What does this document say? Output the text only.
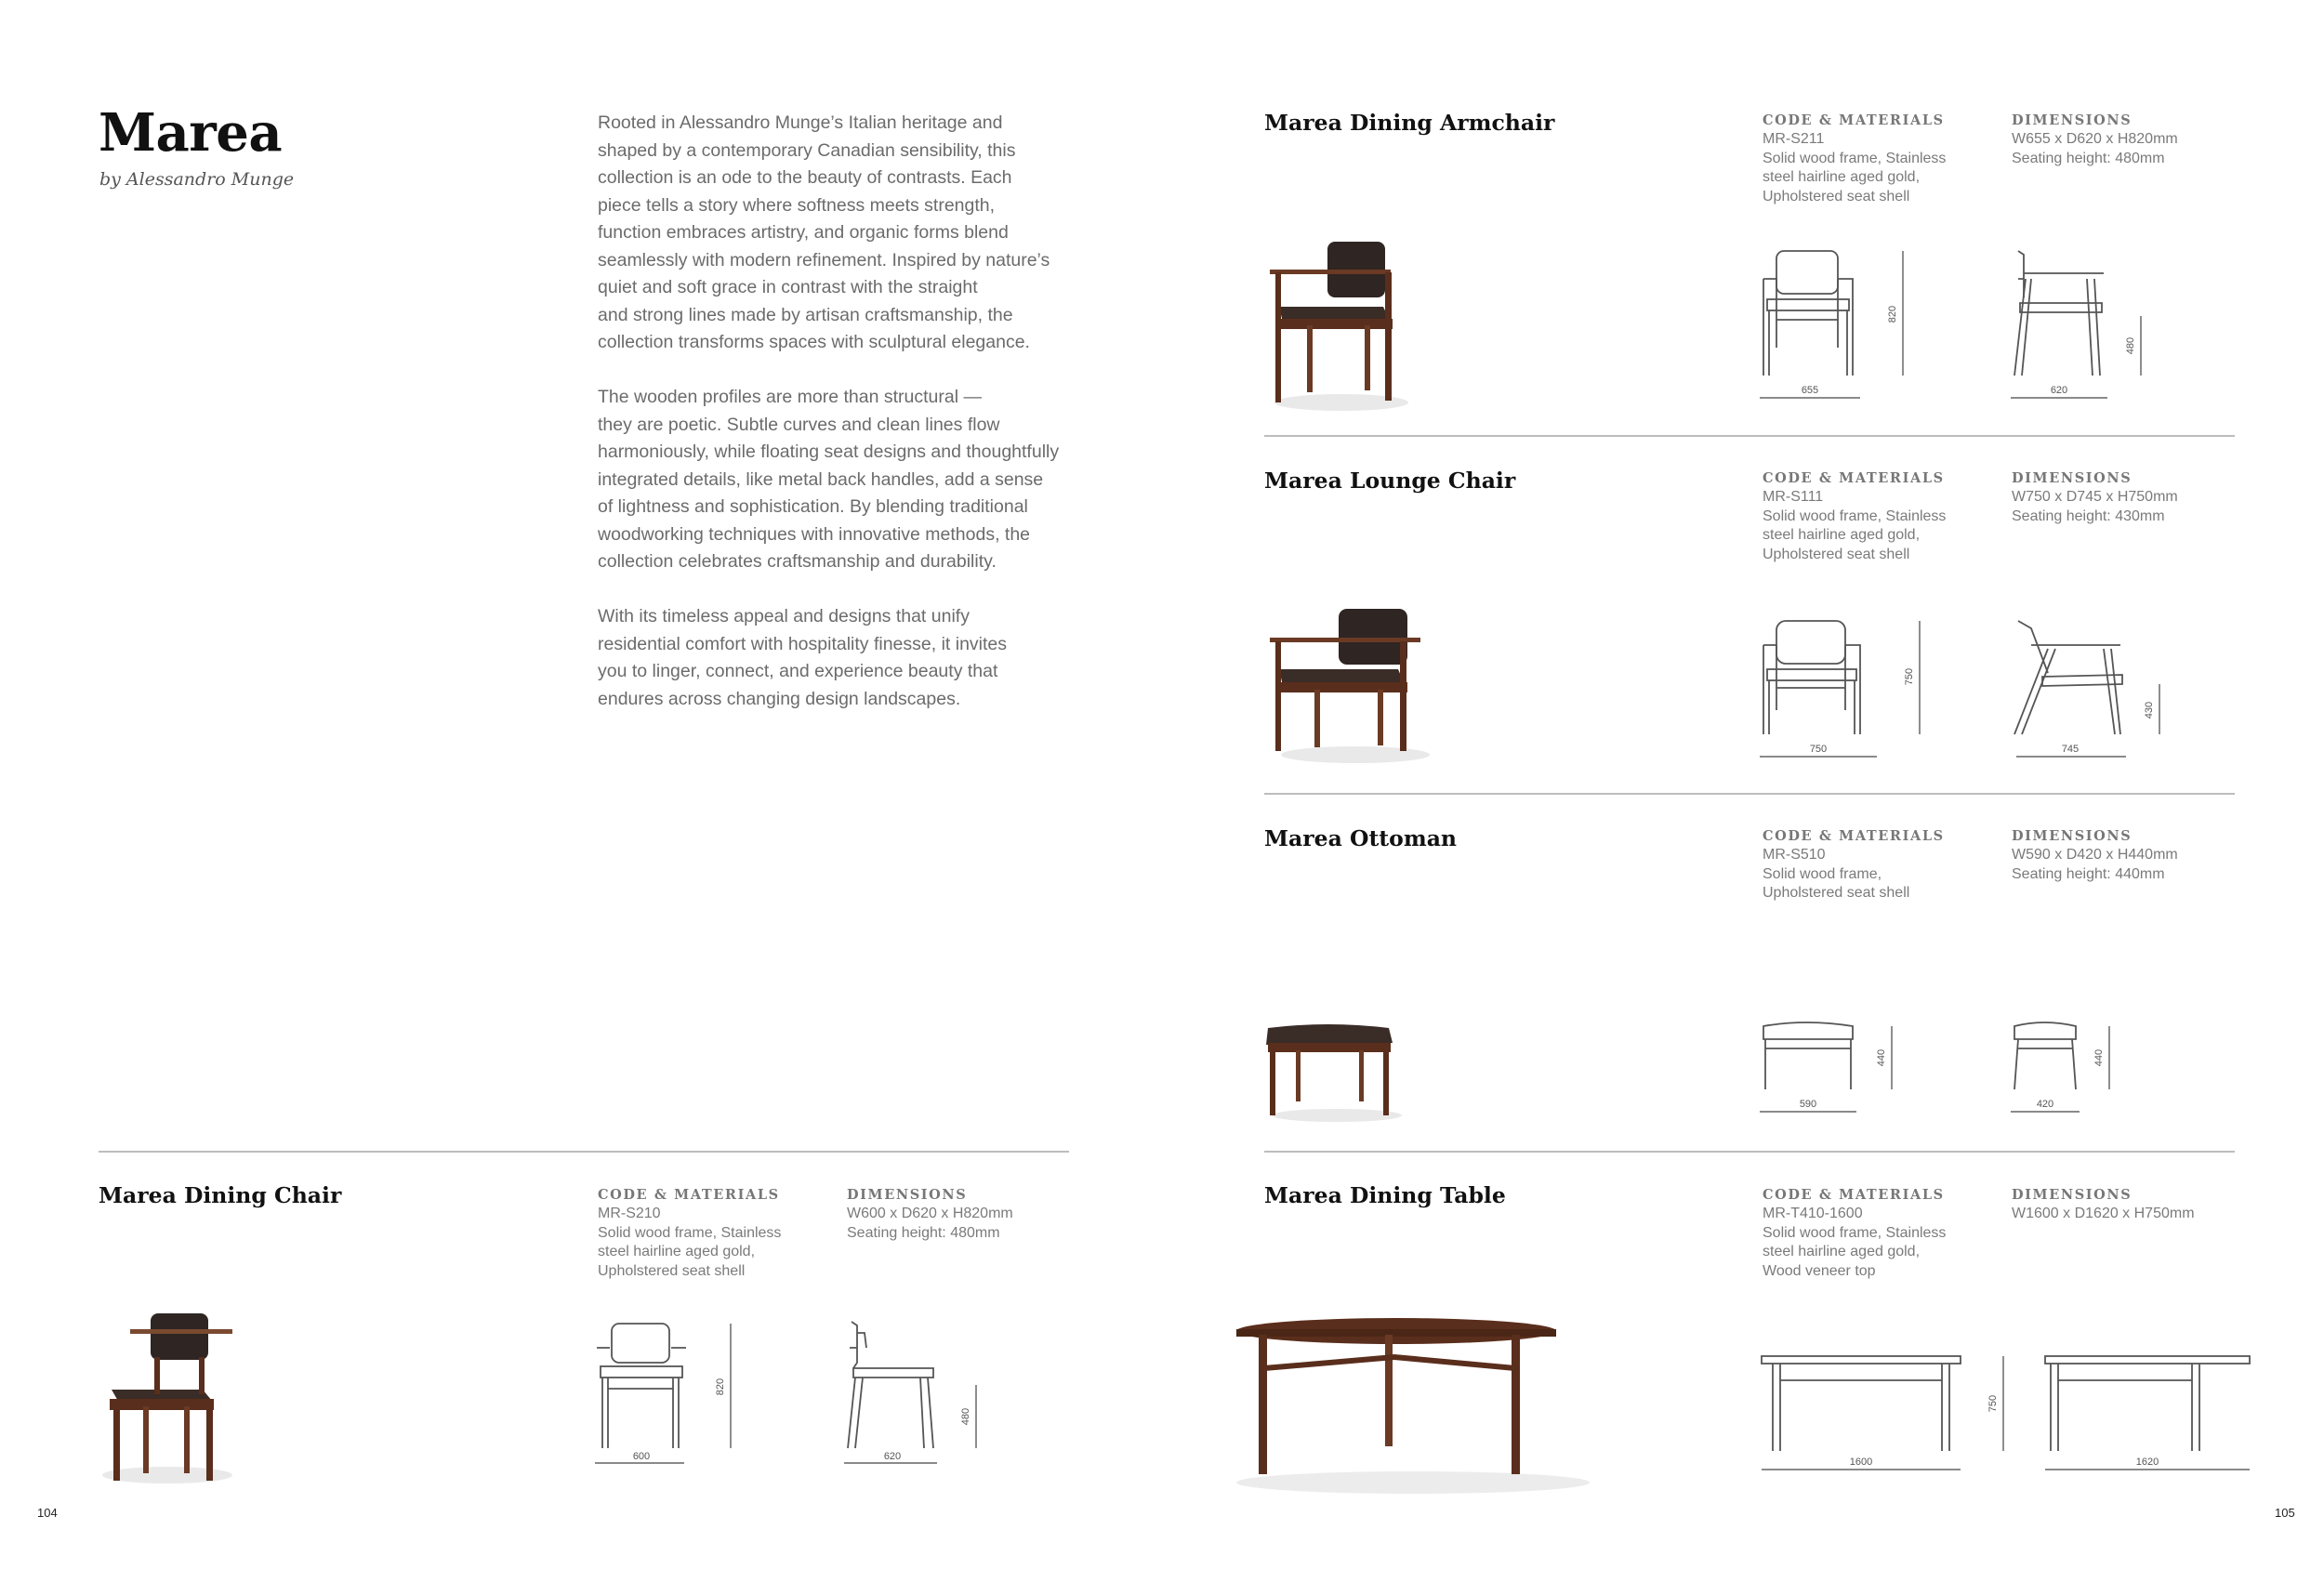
Marea
by Alessandro Munge

Rooted in Alessandro Munge’s Italian heritage and
shaped by a contemporary Canadian sensibility, this
collection is an ode to the beauty of contrasts. Each
piece tells a story where softness meets strength,
function embraces artistry, and organic forms blend
seamlessly with modern refinement. Inspired by nature’s
quiet and soft grace in contrast with the straight
and strong lines made by artisan craftsmanship, the
collection transforms spaces with sculptural elegance.

The wooden profiles are more than structural —
they are poetic. Subtle curves and clean lines flow
harmoniously, while floating seat designs and thoughtfully
integrated details, like metal back handles, add a sense
of lightness and sophistication. By blending traditional
woodworking techniques with innovative methods, the
collection celebrates craftsmanship and durability.

With its timeless appeal and designs that unify
residential comfort with hospitality finesse, it invites
you to linger, connect, and experience beauty that
endures across changing design landscapes.

Marea Dining Chair	CODE & MATERIALS
MR-S210
Solid wood frame, Stainless
steel hairline aged gold,
Upholstered seat shell
DIMENSIONS
W600 x D620 x H820mm
Seating height: 480mm
600
820
620
480
104
Marea Dining Armchair	CODE & MATERIALS
MR-S211
Solid wood frame, Stainless
steel hairline aged gold,
Upholstered seat shell
DIMENSIONS
W655 x D620 x H820mm
Seating height: 480mm
655
820
620
480
Marea Lounge Chair	CODE & MATERIALS
MR-S111
Solid wood frame, Stainless
steel hairline aged gold,
Upholstered seat shell
DIMENSIONS
W750 x D745 x H750mm
Seating height: 430mm
750
750
745
430
Marea Ottoman	CODE & MATERIALS
MR-S510
Solid wood frame,
Upholstered seat shell
DIMENSIONS
W590 x D420 x H440mm
Seating height: 440mm
590
440
420
440
Marea Dining Table	CODE & MATERIALS
MR-T410-1600
Solid wood frame, Stainless
steel hairline aged gold,
Wood veneer top
DIMENSIONS
W1600 x D1620 x H750mm
1600
750
1620
105
